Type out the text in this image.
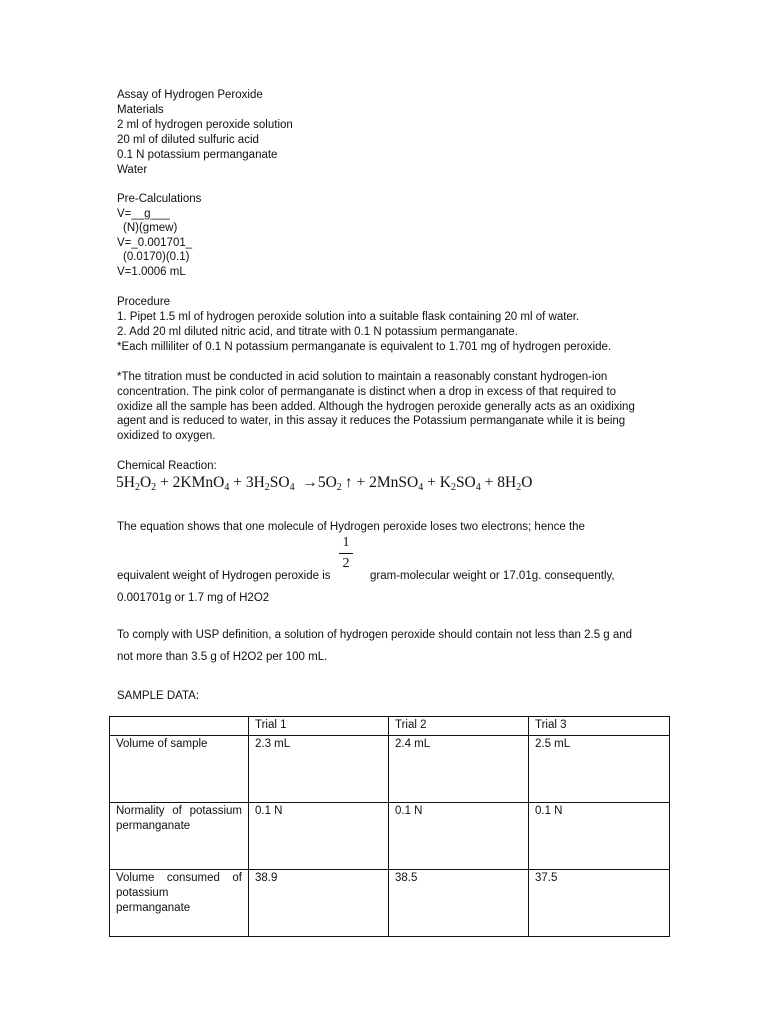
Assay of Hydrogen Peroxide
Materials
2 ml of hydrogen peroxide solution
20 ml of diluted sulfuric acid
0.1 N potassium permanganate
Water
Pre-Calculations
V=__g___
(N)(gmew)
V=_0.001701_
(0.0170)(0.1)
V=1.0006 mL
Procedure
1. Pipet 1.5 ml of hydrogen peroxide solution into a suitable flask containing 20 ml of water.
2. Add 20 ml diluted nitric acid, and titrate with 0.1 N potassium permanganate.
*Each milliliter of 0.1 N potassium permanganate is equivalent to 1.701 mg of hydrogen peroxide.
*The titration must be conducted in acid solution to maintain a reasonably constant hydrogen-ion
concentration. The pink color of permanganate is distinct when a drop in excess of that required to
oxidize all the sample has been added. Although the hydrogen peroxide generally acts as an oxidixing
agent and is reduced to water, in this assay it reduces the Potassium permanganate while it is being
oxidized to oxygen.
Chemical Reaction:
$5H_2O_2$ + 2KMnO$_4$ + $3H_2SO_4 \to 5O_2$ ↑ + 2MnSO$_4$ + $K_2SO_4 + 8H_2O$
The equation shows that one molecule of Hydrogen peroxide loses two electrons; hence the
1
2
equivalent weight of Hydrogen peroxide is	gram-molecular weight or 17.01g. consequently,
0.001701g or 1.7 mg of H2O2
To comply with USP definition, a solution of hydrogen peroxide should contain not less than 2.5 g and
not more than 3.5 g of H2O2 per 100 mL.
SAMPLE DATA:
	Trial 1	Trial 2	Trial 3
Volume of sample	2.3 mL	2.4 mL	2.5 mL
Normality of potassium permanganate	0.1 N	0.1 N	0.1 N
Volume consumed of potassium permanganate	38.9	38.5	37.5
